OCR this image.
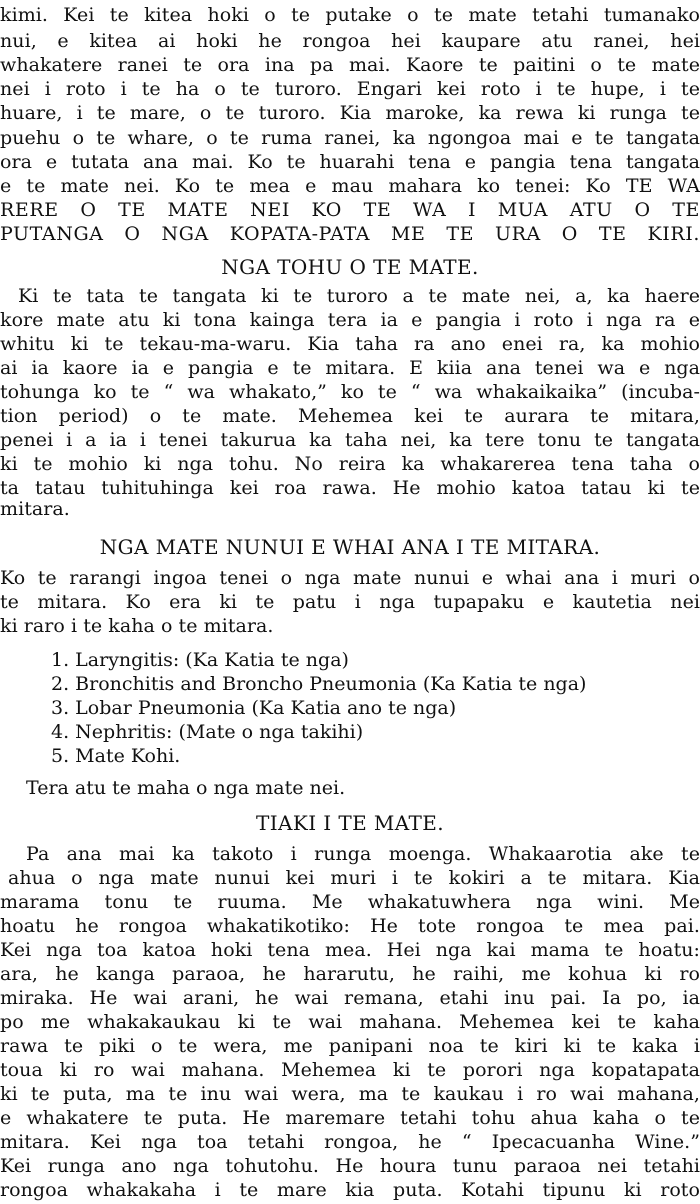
kimi. Kei te kitea hoki o te putake o te mate tetahi tumanako
nui, e kitea ai hoki he rongoa hei kaupare atu ranei, hei
whakatere ranei te ora ina pa mai. Kaore te paitini o te mate
nei i roto i te ha o te turoro. Engari kei roto i te hupe, i te
huare, i te mare, o te turoro. Kia maroke, ka rewa ki runga te
puehu o te whare, o te ruma ranei, ka ngongoa mai e te tangata
ora e tutata ana mai. Ko te huarahi tena e pangia tena tangata
e te mate nei. Ko te mea e mau mahara ko tenei: Ko TE WA
RERE O TE MATE NEI KO TE WA I MUA ATU O TE
PUTANGA O NGA KOPATA-PATA ME TE URA O TE KIRI.
NGA TOHU O TE MATE.
Ki te tata te tangata ki te turoro a te mate nei, a, ka haere
kore mate atu ki tona kainga tera ia e pangia i roto i nga ra e
whitu ki te tekau-ma-waru. Kia taha ra ano enei ra, ka mohio
ai ia kaore ia e pangia e te mitara. E kiia ana tenei wa e nga
tohunga ko te “ wa whakato,” ko te “ wa whakaikaika” (incuba-
tion period) o te mate. Mehemea kei te aurara te mitara,
penei i a ia i tenei takurua ka taha nei, ka tere tonu te tangata
ki te mohio ki nga tohu. No reira ka whakarerea tena taha o
ta tatau tuhituhinga kei roa rawa. He mohio katoa tatau ki te
mitara.
NGA MATE NUNUI E WHAI ANA I TE MITARA.
Ko te rarangi ingoa tenei o nga mate nunui e whai ana i muri o
te mitara. Ko era ki te patu i nga tupapaku e kautetia nei
ki raro i te kaha o te mitara.
1. Laryngitis: (Ka Katia te nga)
2. Bronchitis and Broncho Pneumonia (Ka Katia te nga)
3. Lobar Pneumonia (Ka Katia ano te nga)
4. Nephritis: (Mate o nga takihi)
5. Mate Kohi.
Tera atu te maha o nga mate nei.
TIAKI I TE MATE.
Pa ana mai ka takoto i runga moenga. Whakaarotia ake te
ahua o nga mate nunui kei muri i te kokiri a te mitara. Kia
marama tonu te ruuma. Me whakatuwhera nga wini. Me
hoatu he rongoa whakatikotiko: He tote rongoa te mea pai.
Kei nga toa katoa hoki tena mea. Hei nga kai mama te hoatu:
ara, he kanga paraoa, he hararutu, he raihi, me kohua ki ro
miraka. He wai arani, he wai remana, etahi inu pai. Ia po, ia
po me whakakaukau ki te wai mahana. Mehemea kei te kaha
rawa te piki o te wera, me panipani noa te kiri ki te kaka i
toua ki ro wai mahana. Mehemea ki te porori nga kopatapata
ki te puta, ma te inu wai wera, ma te kaukau i ro wai mahana,
e whakatere te puta. He maremare tetahi tohu ahua kaha o te
mitara. Kei nga toa tetahi rongoa, he “ Ipecacuanha Wine.”
Kei runga ano nga tohutohu. He houra tunu paraoa nei tetahi
rongoa whakakaha i te mare kia puta. Kotahi tipunu ki roto
